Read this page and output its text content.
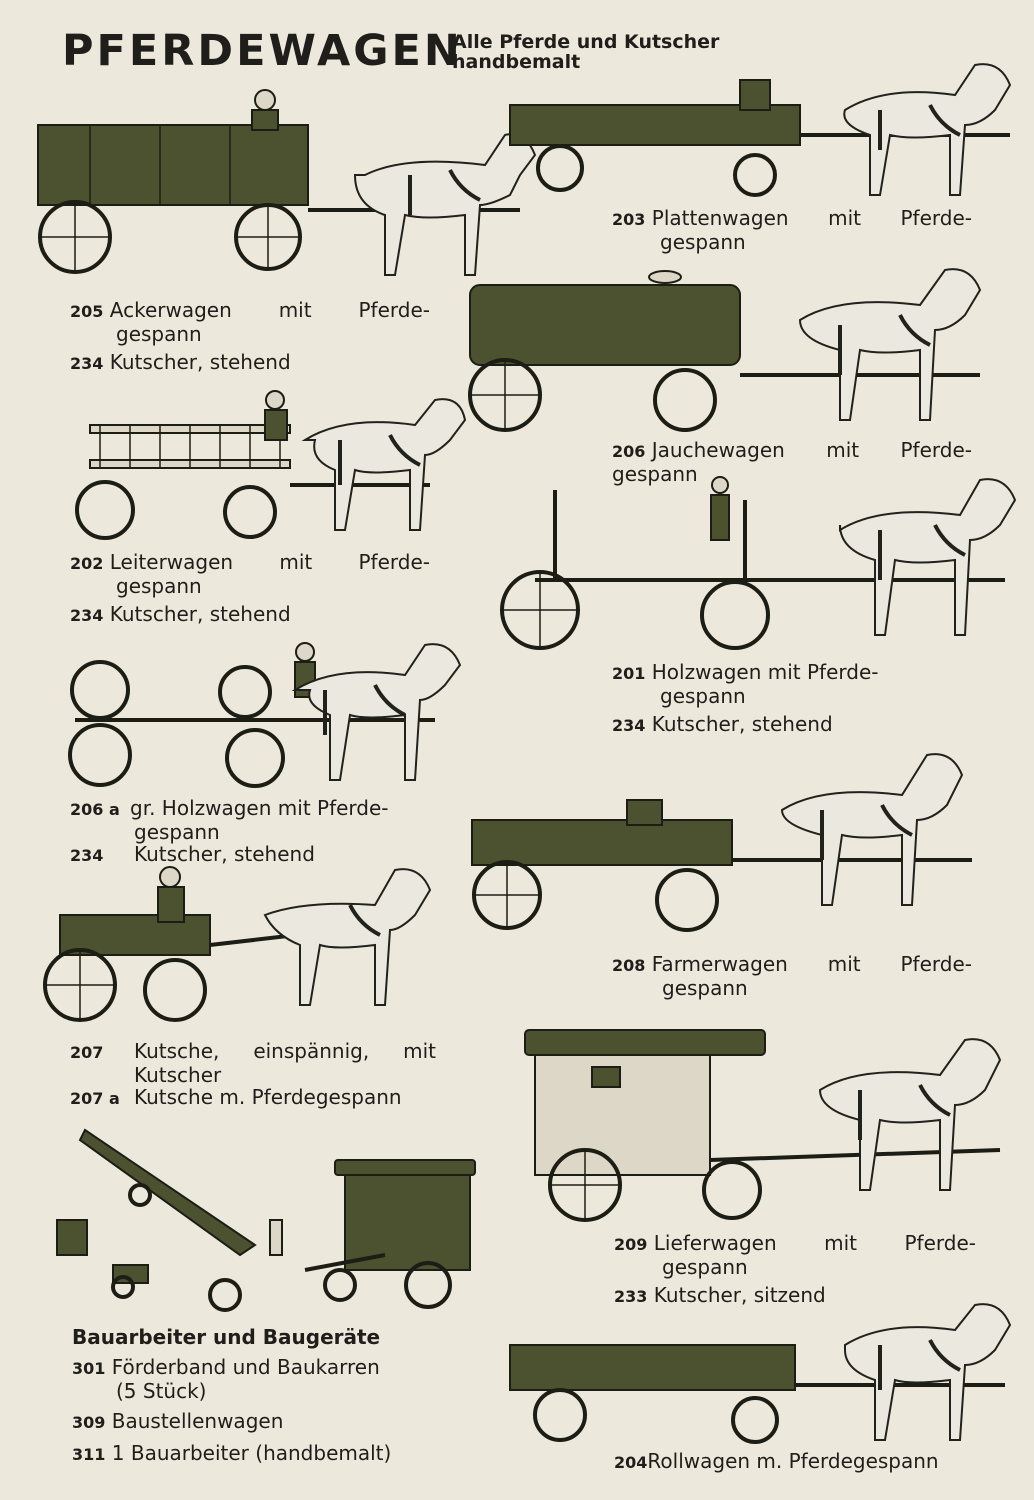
PFERDEWAGEN
Alle Pferde und Kutscher
handbemalt
203 Plattenwagen mit Pferde-
gespann
205 Ackerwagen mit Pferde-
gespann
234 Kutscher, stehend
206 Jauchewagen mit Pferde-
gespann
202 Leiterwagen mit Pferde-
gespann
234 Kutscher, stehend
201 Holzwagen mit Pferde-
gespann
234 Kutscher, stehend
206 a gr. Holzwagen mit Pferde-
gespann
234 Kutscher, stehend
208 Farmerwagen mit Pferde-
gespann
207 Kutsche, einspännig, mit
Kutscher
207 a Kutsche m. Pferdegespann
209 Lieferwagen mit Pferde-
gespann
233 Kutscher, sitzend
Bauarbeiter und Baugeräte
301 Förderband und Baukarren
(5 Stück)
309 Baustellenwagen
311 1 Bauarbeiter (handbemalt)	204Rollwagen m. Pferdegespann
